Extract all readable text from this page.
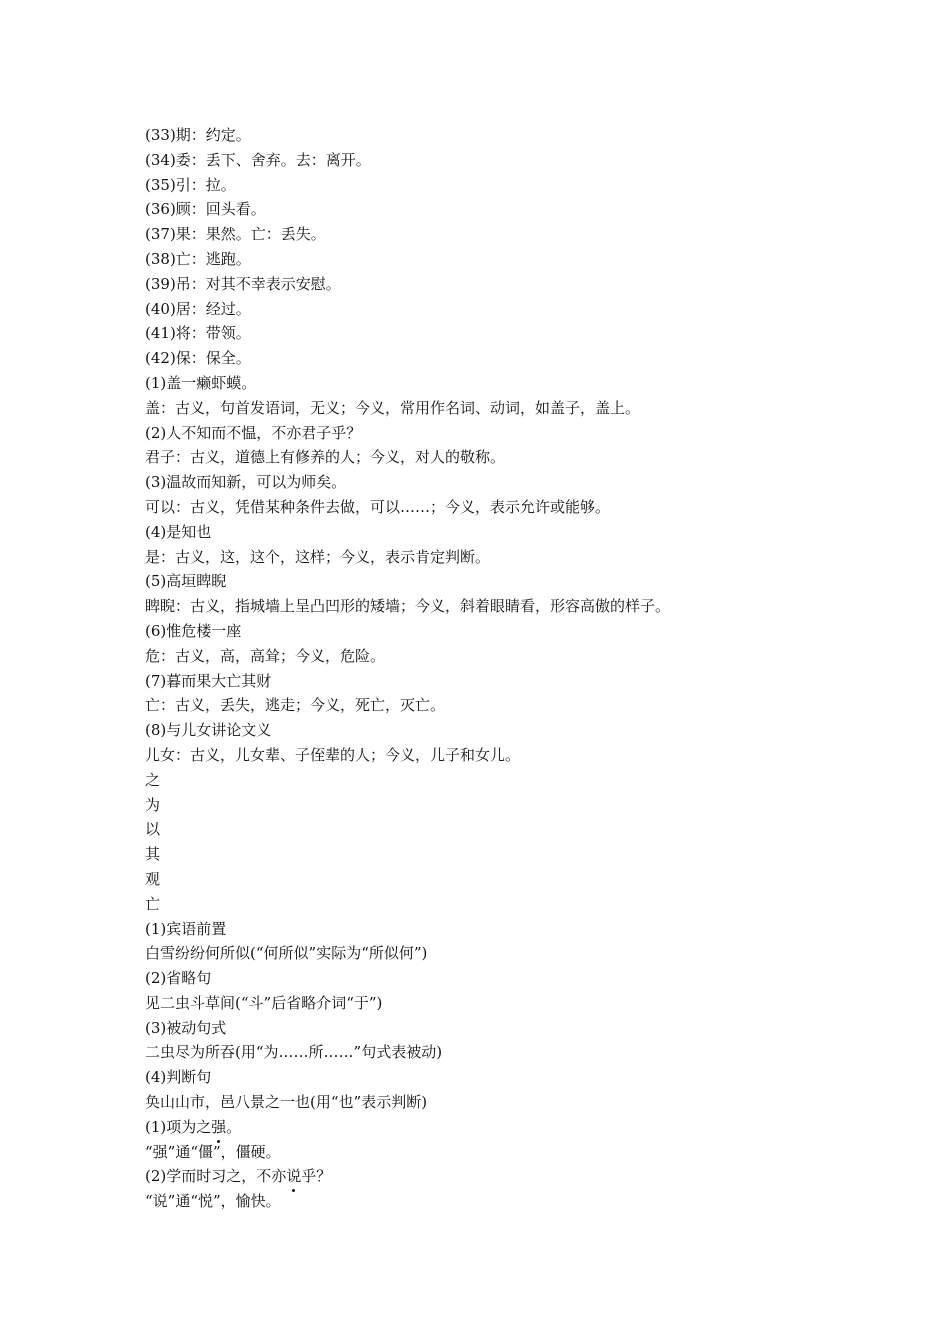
(33)期：约定。
(34)委：丢下、舍弃。去：离开。
(35)引：拉。
(36)顾：回头看。
(37)果：果然。亡：丢失。
(38)亡：逃跑。
(39)吊：对其不幸表示安慰。
(40)居：经过。
(41)将：带领。
(42)保：保全。
(1)盖一癞虾蟆。
盖：古义，句首发语词，无义；今义，常用作名词、动词，如盖子，盖上。
(2)人不知而不愠，不亦君子乎？
君子：古义，道德上有修养的人；今义，对人的敬称。
(3)温故而知新，可以为师矣。
可以：古义，凭借某种条件去做，可以……；今义，表示允许或能够。
(4)是知也
是：古义，这，这个，这样；今义，表示肯定判断。
(5)高垣睥睨
睥睨：古义，指城墙上呈凸凹形的矮墙；今义，斜着眼睛看，形容高傲的样子。
(6)惟危楼一座
危：古义，高，高耸；今义，危险。
(7)暮而果大亡其财
亡：古义，丢失，逃走；今义，死亡，灭亡。
(8)与儿女讲论文义
儿女：古义，儿女辈、子侄辈的人；今义，儿子和女儿。
之
为
以
其
观
亡
(1)宾语前置
白雪纷纷何所似(“何所似”实际为“所似何”)
(2)省略句
见二虫斗草间(“斗”后省略介词“于”)
(3)被动句式
二虫尽为所吞(用“为……所……”句式表被动)
(4)判断句
奂山山市，邑八景之一也(用“也”表示判断)
(1)项为之强。
“强”通“僵”，僵硬。
(2)学而时习之，不亦说乎？
“说”通“悦”，愉快。
